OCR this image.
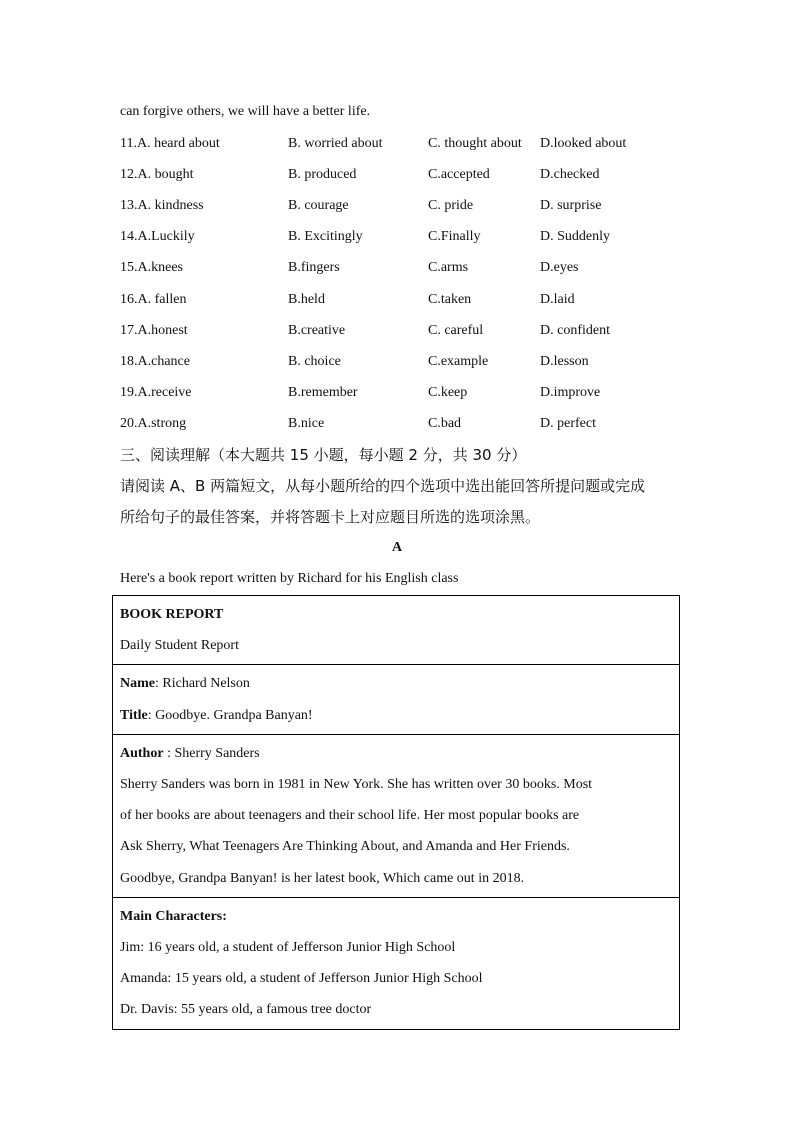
can forgive others, we will have a better life.
11.A. heard about	B. worried about	C. thought about D.looked about
12.A. bought	B. produced	C.accepted	D.checked
13.A. kindness	B. courage	C. pride	D. surprise
14.A.Luckily	B. Excitingly	C.Finally	D. Suddenly
15.A.knees	B.fingers	C.arms	D.eyes
16.A. fallen	B.held	C.taken	D.laid
17.A.honest	B.creative	C. careful	D. confident
18.A.chance	B. choice	C.example	D.lesson
19.A.receive	B.remember	C.keep	D.improve
20.A.strong	B.nice	C.bad	D. perfect
三、阅读理解（本大题共 15 小题，每小题 2 分，共 30 分）
请阅读 A、B 两篇短文，从每小题所给的四个选项中选出能回答所提问题或完成
所给句子的最佳答案，并将答题卡上对应题目所选的选项涂黑。
A
Here's a book report written by Richard for his English class

BOOK REPORT

Daily Student Report

Name: Richard Nelson

Title: Goodbye. Grandpa Banyan!

Author : Sherry Sanders

Sherry Sanders was born in 1981 in New York. She has written over 30 books. Most

of her books are about teenagers and their school life. Her most popular books are

Ask Sherry, What Teenagers Are Thinking About, and Amanda and Her Friends.

Goodbye, Grandpa Banyan! is her latest book, Which came out in 2018.

Main Characters:

Jim: 16 years old, a student of Jefferson Junior High School

Amanda: 15 years old, a student of Jefferson Junior High School

Dr. Davis: 55 years old, a famous tree doctor
